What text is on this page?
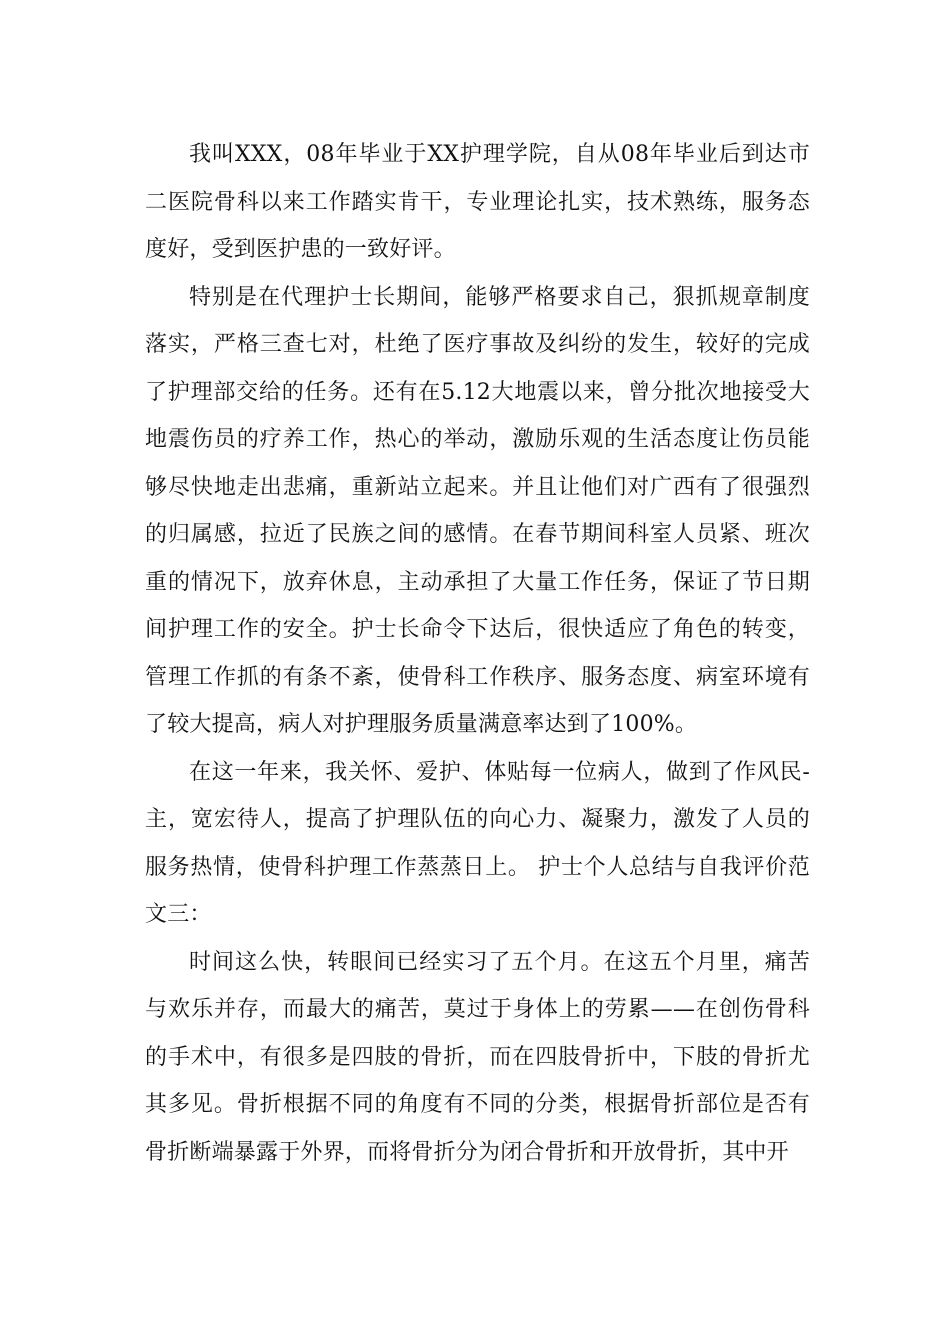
我叫XXX，08年毕业于XX护理学院，自从08年毕业后到达市二医院骨科以来工作踏实肯干，专业理论扎实，技术熟练，服务态度好，受到医护患的一致好评。

特别是在代理护士长期间，能够严格要求自己，狠抓规章制度落实，严格三查七对，杜绝了医疗事故及纠纷的发生，较好的完成了护理部交给的任务。还有在5.12大地震以来，曾分批次地接受大地震伤员的疗养工作，热心的举动，激励乐观的生活态度让伤员能够尽快地走出悲痛，重新站立起来。并且让他们对广西有了很强烈的归属感，拉近了民族之间的感情。在春节期间科室人员紧、班次重的情况下，放弃休息，主动承担了大量工作任务，保证了节日期间护理工作的安全。护士长命令下达后，很快适应了角色的转变，管理工作抓的有条不紊，使骨科工作秩序、服务态度、病室环境有了较大提高，病人对护理服务质量满意率达到了100%。

在这一年来，我关怀、爱护、体贴每一位病人，做到了作风民-主，宽宏待人，提高了护理队伍的向心力、凝聚力，激发了人员的服务热情，使骨科护理工作蒸蒸日上。 护士个人总结与自我评价范文三：

时间这么快，转眼间已经实习了五个月。在这五个月里，痛苦与欢乐并存，而最大的痛苦，莫过于身体上的劳累——在创伤骨科的手术中，有很多是四肢的骨折，而在四肢骨折中，下肢的骨折尤其多见。骨折根据不同的角度有不同的分类，根据骨折部位是否有骨折断端暴露于外界，而将骨折分为闭合骨折和开放骨折，其中开
